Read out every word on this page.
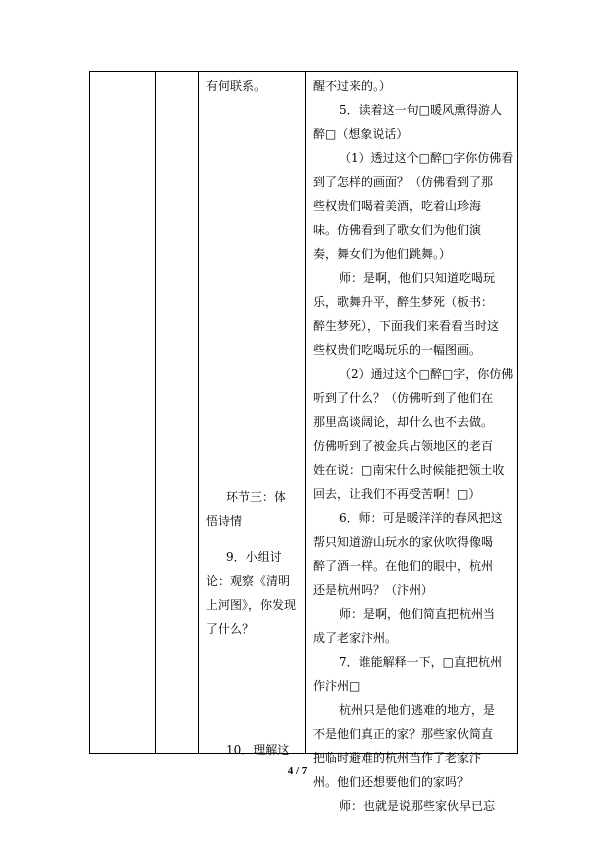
有何联系。

环节三：体

悟诗情

9．小组讨

论：观察《清明

上河图》，你发现

了什么？

10．理解这

醒不过来的。）

5．读着这一句□暖风熏得游人

醉□（想象说话）

（1）透过这个□醉□字你仿佛看

到了怎样的画面？（仿佛看到了那

些权贵们喝着美酒，吃着山珍海

味。仿佛看到了歌女们为他们演

奏，舞女们为他们跳舞。）

师：是啊，他们只知道吃喝玩

乐，歌舞升平，醉生梦死（板书：

醉生梦死），下面我们来看看当时这

些权贵们吃喝玩乐的一幅图画。

（2）通过这个□醉□字，你仿佛

听到了什么？（仿佛听到了他们在

那里高谈阔论，却什么也不去做。

仿佛听到了被金兵占领地区的老百

姓在说：□南宋什么时候能把领土收

回去，让我们不再受苦啊！□）

6．师：可是暖洋洋的春风把这

帮只知道游山玩水的家伙吹得像喝

醉了酒一样。在他们的眼中，杭州

还是杭州吗？（汴州）

师：是啊，他们简直把杭州当

成了老家汴州。

7．谁能解释一下，□直把杭州

作汴州□

杭州只是他们逃难的地方，是

不是他们真正的家？那些家伙简直

把临时避难的杭州当作了老家汴

州。他们还想要他们的家吗？

师：也就是说那些家伙早已忘

4 / 7
